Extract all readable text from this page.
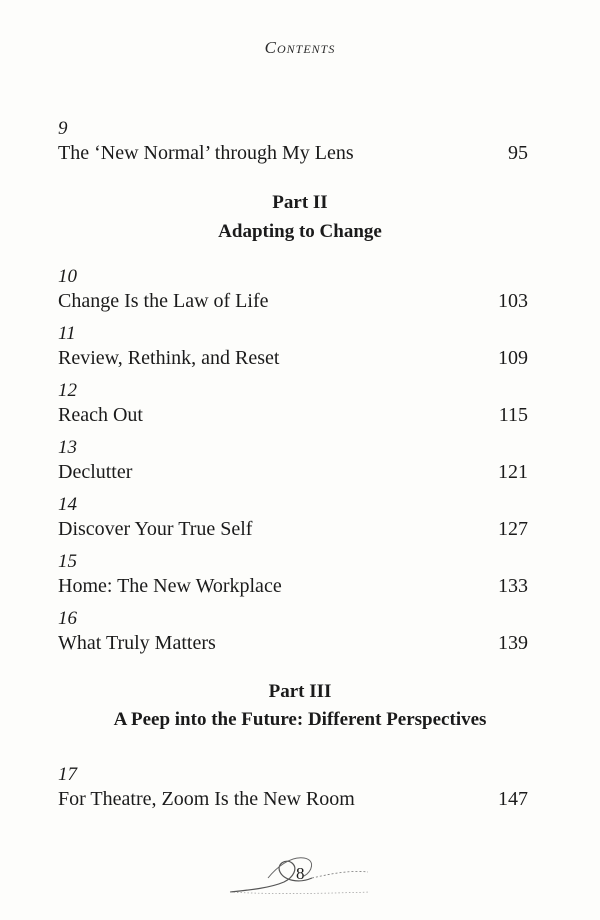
Contents
9
The ‘New Normal’ through My Lens	95
Part II
Adapting to Change
10
Change Is the Law of Life	103
11
Review, Rethink, and Reset	109
12
Reach Out	115
13
Declutter	121
14
Discover Your True Self	127
15
Home: The New Workplace	133
16
What Truly Matters	139
Part III
A Peep into the Future: Different Perspectives
17
For Theatre, Zoom Is the New Room	147
8
